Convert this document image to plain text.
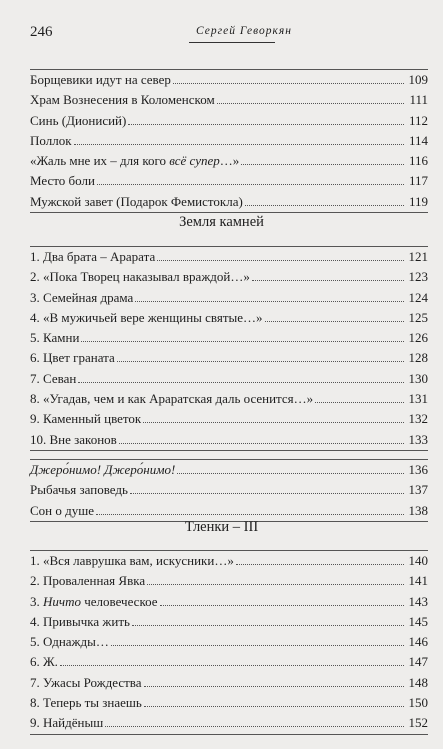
246	Сергей Геворкян
Борщевики идут на север	109
Храм Вознесения в Коломенском	111
Синь (Дионисий)	112
Поллок	114
«Жаль мне их – для кого всё супер…»	116
Место боли	117
Мужской завет (Подарок Фемистокла)	119
Земля камней
1. Два брата – Арарата	121
2. «Пока Творец наказывал враждой…»	123
3. Семейная драма	124
4. «В мужичьей вере женщины святые…»	125
5. Камни	126
6. Цвет граната	128
7. Севан	130
8. «Угадав, чем и как Араратская даль осенится…»	131
9. Каменный цветок	132
10. Вне законов	133
Джеро́нимо! Джеро́нимо!	136
Рыбачья заповедь	137
Сон о душе	138
Тленки – III
1. «Вся лаврушка вам, искусники…»	140
2. Проваленная Явка	141
3. Ничто человеческое	143
4. Привычка жить	145
5. Однажды…	146
6. Ж.	147
7. Ужасы Рождества	148
8. Теперь ты знаешь	150
9. Найдёныш	152
